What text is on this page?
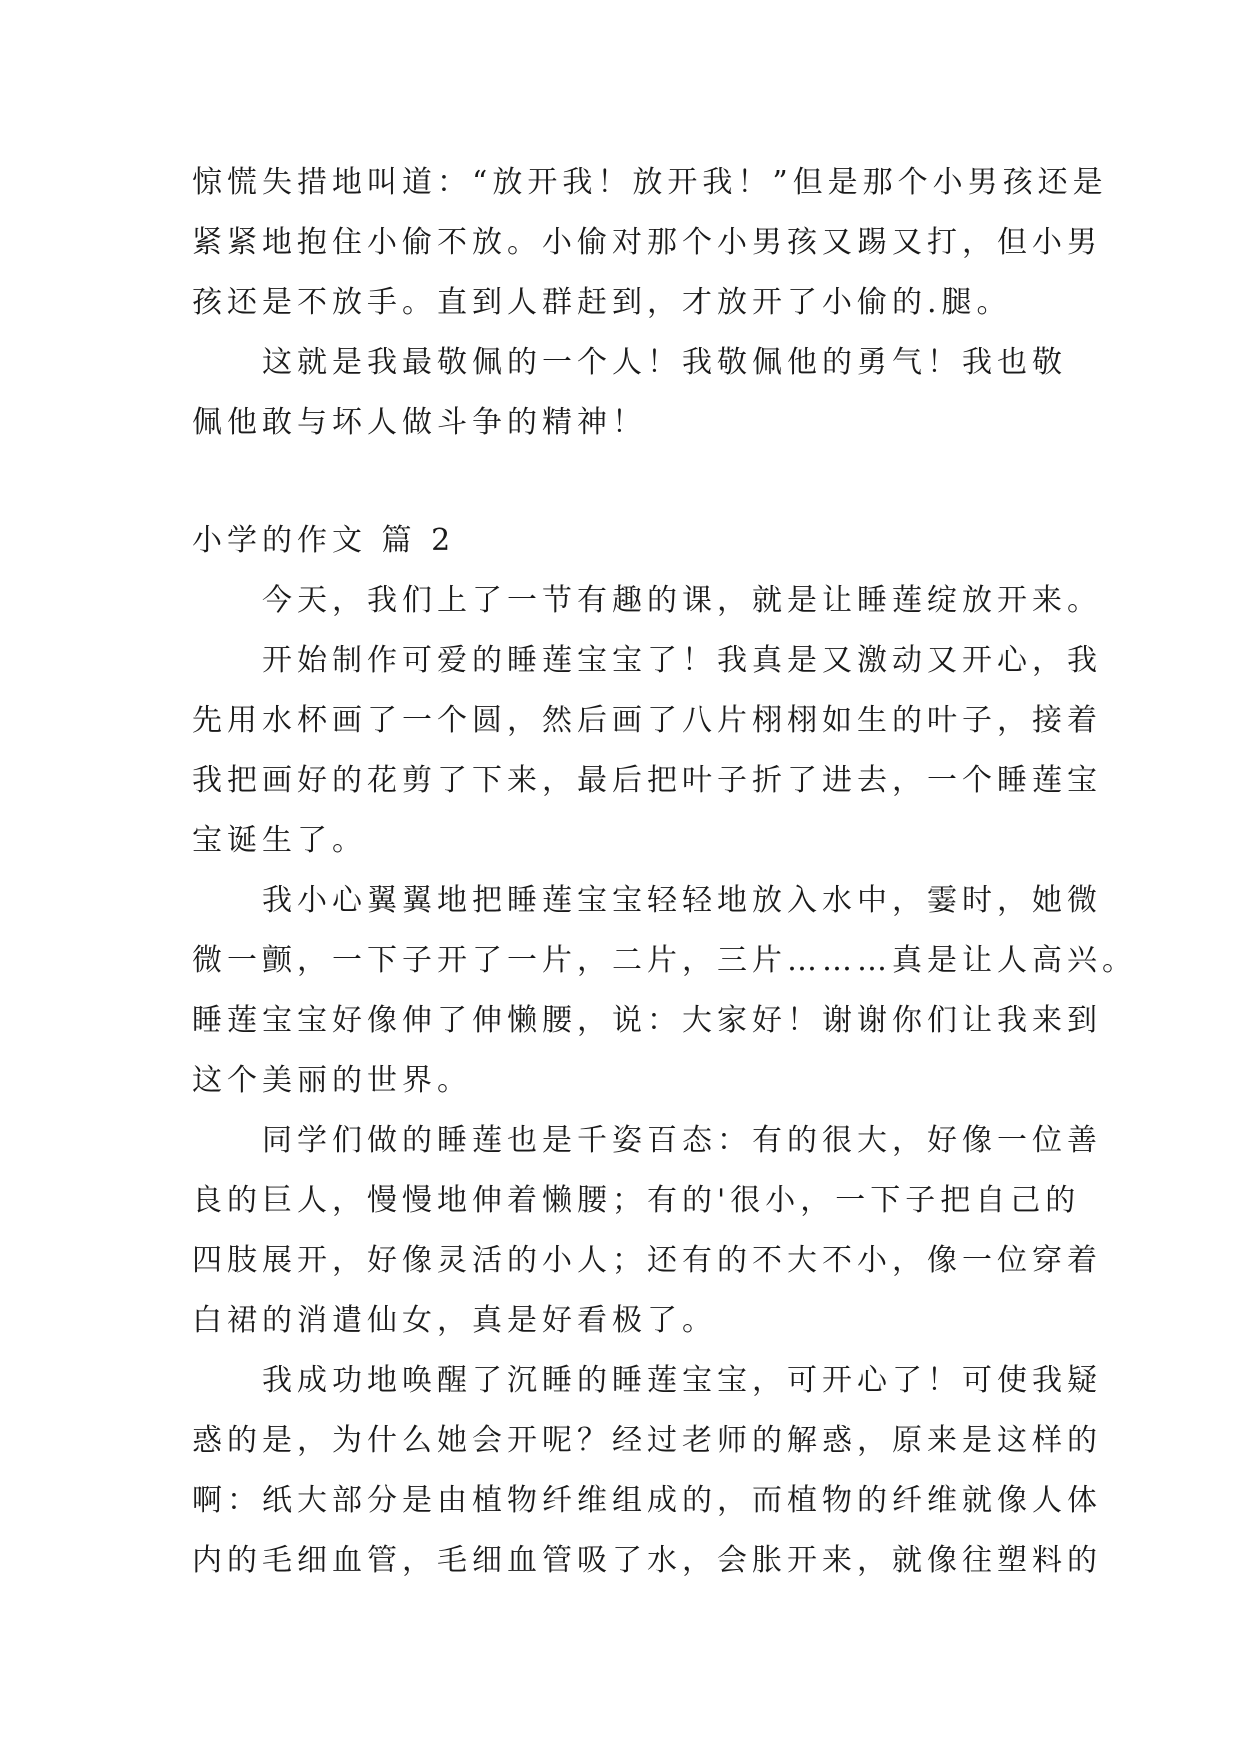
惊慌失措地叫道：“放开我！放开我！”但是那个小男孩还是
紧紧地抱住小偷不放。小偷对那个小男孩又踢又打，但小男
孩还是不放手。直到人群赶到，才放开了小偷的.腿。
这就是我最敬佩的一个人！我敬佩他的勇气！我也敬
佩他敢与坏人做斗争的精神！
小学的作文 篇 2
今天，我们上了一节有趣的课，就是让睡莲绽放开来。
开始制作可爱的睡莲宝宝了！我真是又激动又开心，我
先用水杯画了一个圆，然后画了八片栩栩如生的叶子，接着
我把画好的花剪了下来，最后把叶子折了进去，一个睡莲宝
宝诞生了。
我小心翼翼地把睡莲宝宝轻轻地放入水中，霎时，她微
微一颤，一下子开了一片，二片，三片………真是让人高兴。
睡莲宝宝好像伸了伸懒腰，说：大家好！谢谢你们让我来到
这个美丽的世界。
同学们做的睡莲也是千姿百态：有的很大，好像一位善
良的巨人，慢慢地伸着懒腰；有的'很小，一下子把自己的
四肢展开，好像灵活的小人；还有的不大不小，像一位穿着
白裙的消遣仙女，真是好看极了。
我成功地唤醒了沉睡的睡莲宝宝，可开心了！可使我疑
惑的是，为什么她会开呢？经过老师的解惑，原来是这样的
啊：纸大部分是由植物纤维组成的，而植物的纤维就像人体
内的毛细血管，毛细血管吸了水，会胀开来，就像往塑料的
